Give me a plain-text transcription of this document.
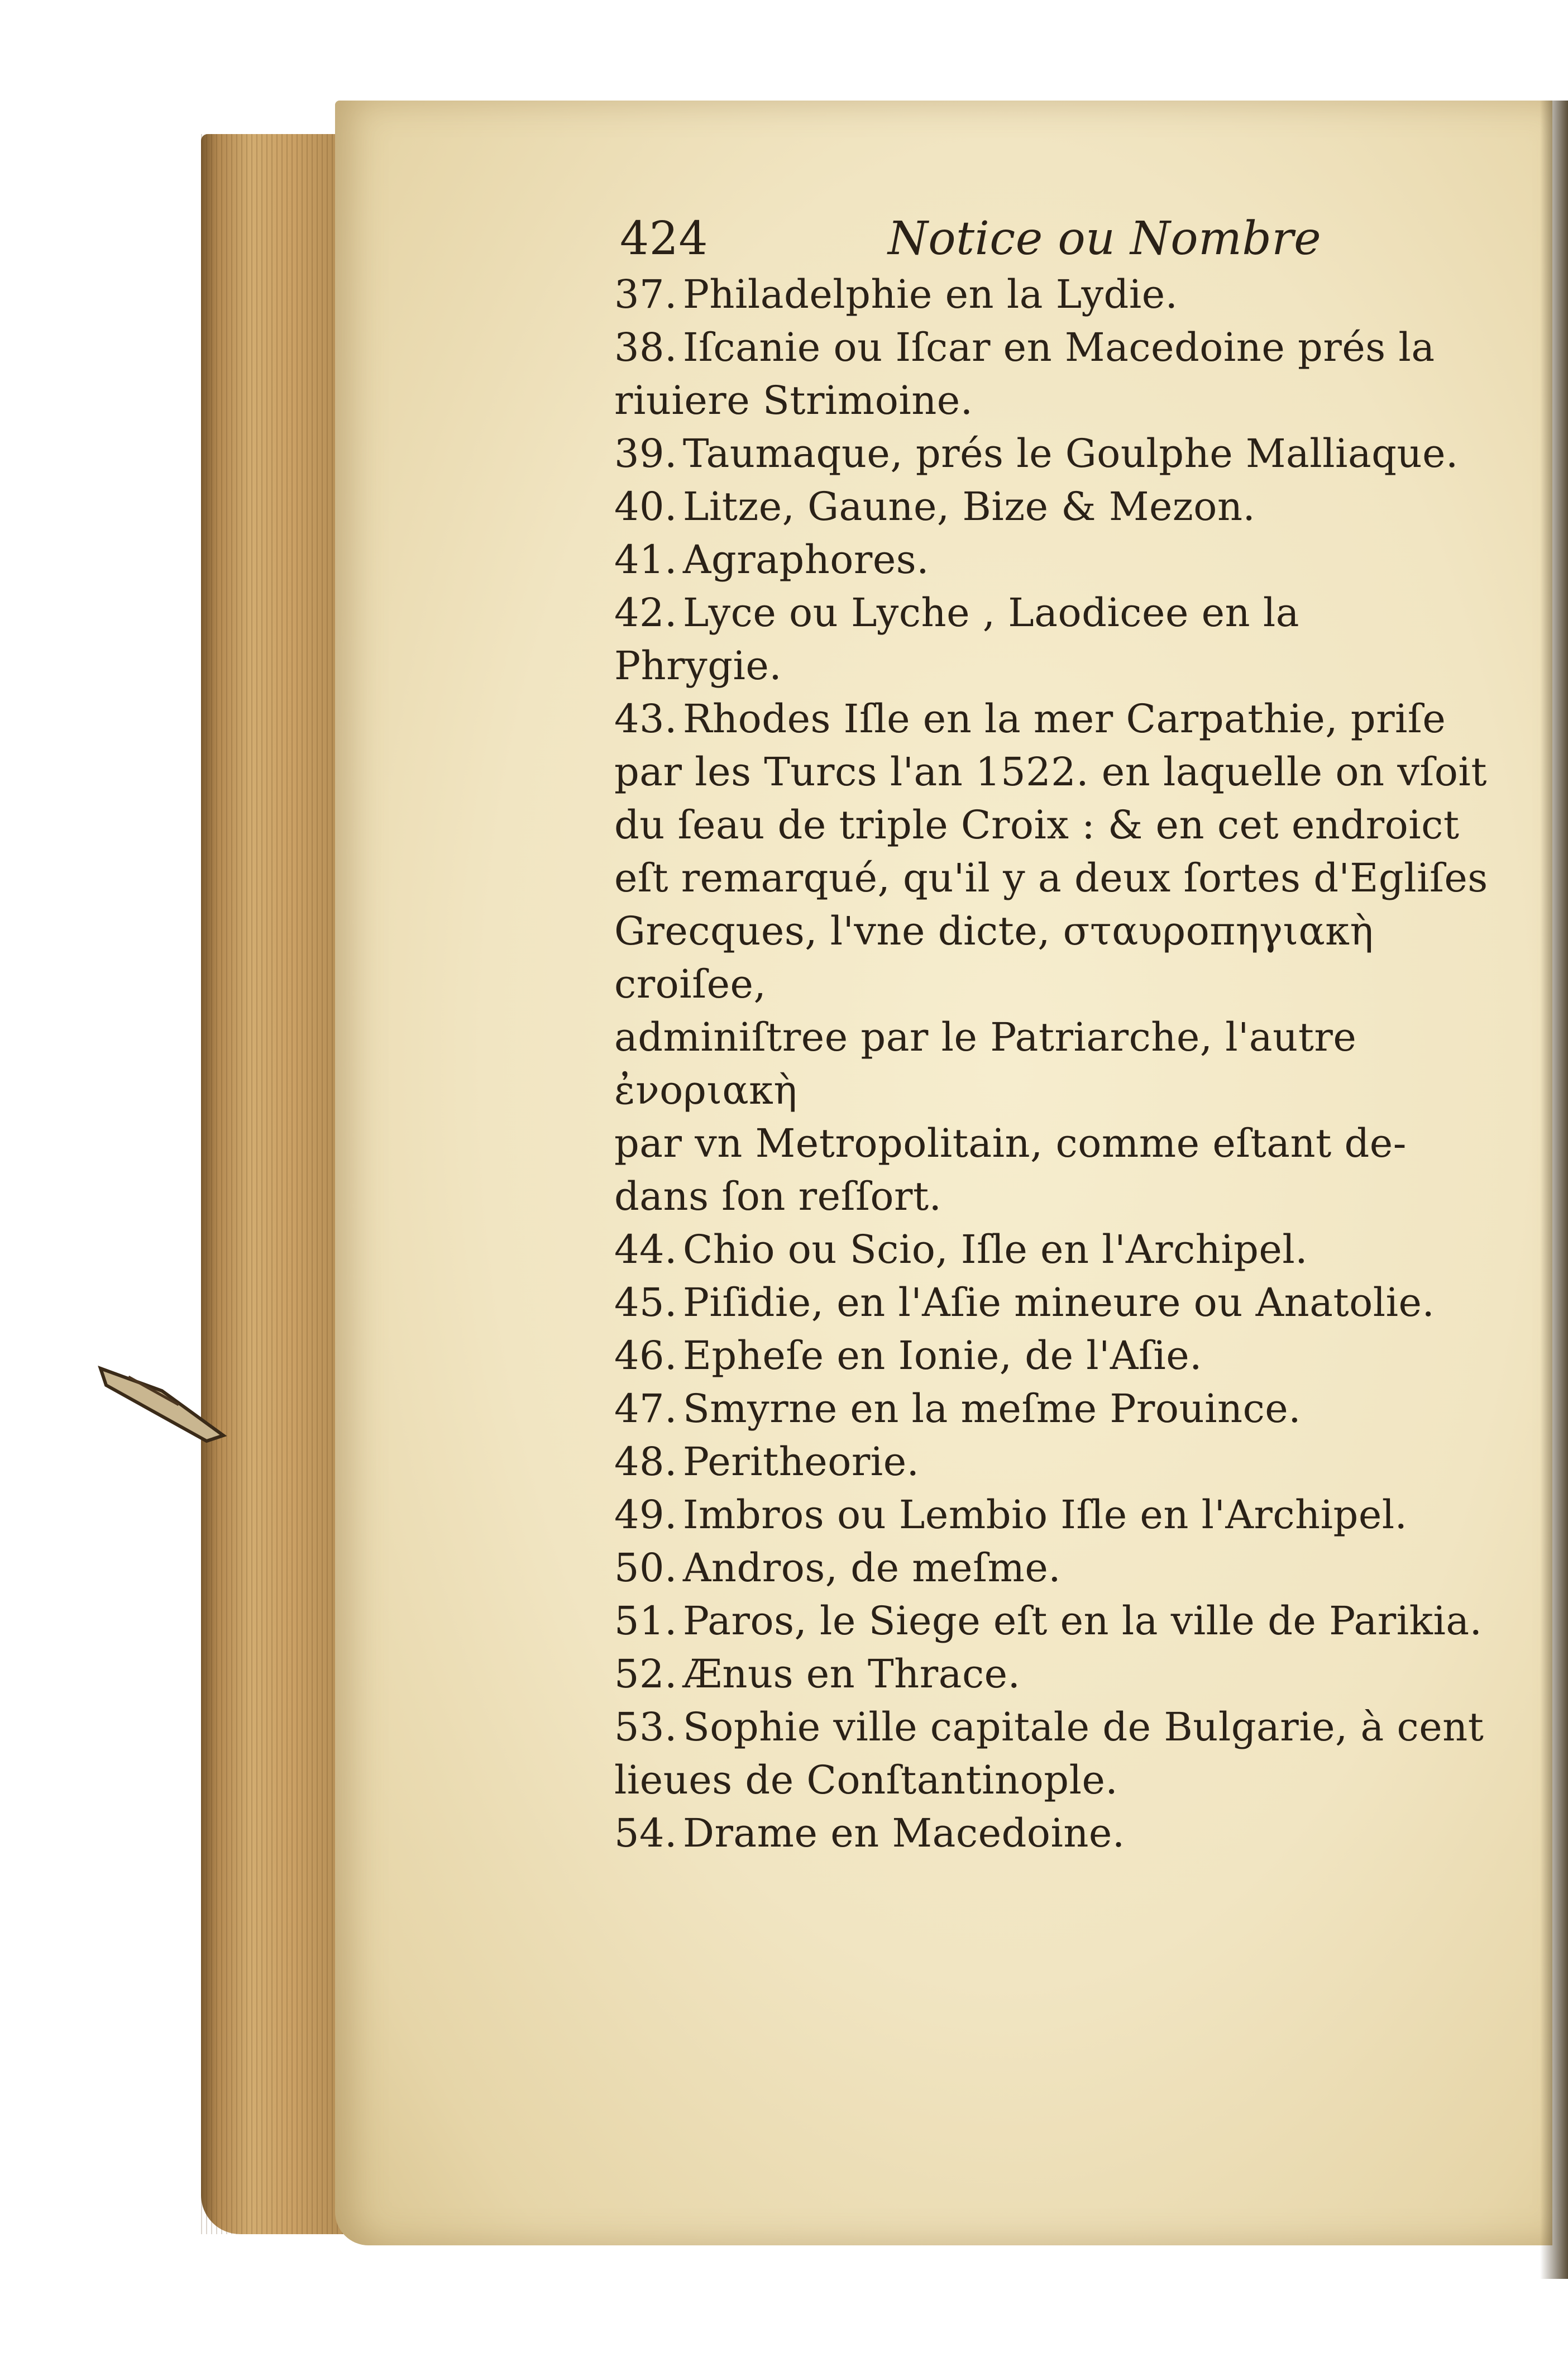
424	Notice ou Nombre
37. Philadelphie en la Lydie.
38. Iſcanie ou Iſcar en Macedoine prés la
riuiere Strimoine.
39. Taumaque, prés le Goulphe Malliaque.
40. Litze, Gaune, Bize & Mezon.
41. Agraphores.
42. Lyce ou Lyche , Laodicee en la
Phrygie.
43. Rhodes Iſle en la mer Carpathie, priſe
par les Turcs l'an 1522. en laquelle on vſoit
du ſeau de triple Croix : & en cet endroict
eſt remarqué, qu'il y a deux ſortes d'Egliſes
Grecques, l'vne dicte, σταυροπηγιακὴ croiſee,
adminiſtree par le Patriarche, l'autre ἐνοριακὴ
par vn Metropolitain, comme eſtant de-
dans ſon reſſort.
44. Chio ou Scio, Iſle en l'Archipel.
45. Piſidie, en l'Aſie mineure ou Anatolie.
46. Epheſe en Ionie, de l'Aſie.
47. Smyrne en la meſme Prouince.
48. Peritheorie.
49. Imbros ou Lembio Iſle en l'Archipel.
50. Andros, de meſme.
51. Paros, le Siege eſt en la ville de Parikia.
52. Ænus en Thrace.
53. Sophie ville capitale de Bulgarie, à cent
lieues de Conſtantinople.
54. Drame en Macedoine.
